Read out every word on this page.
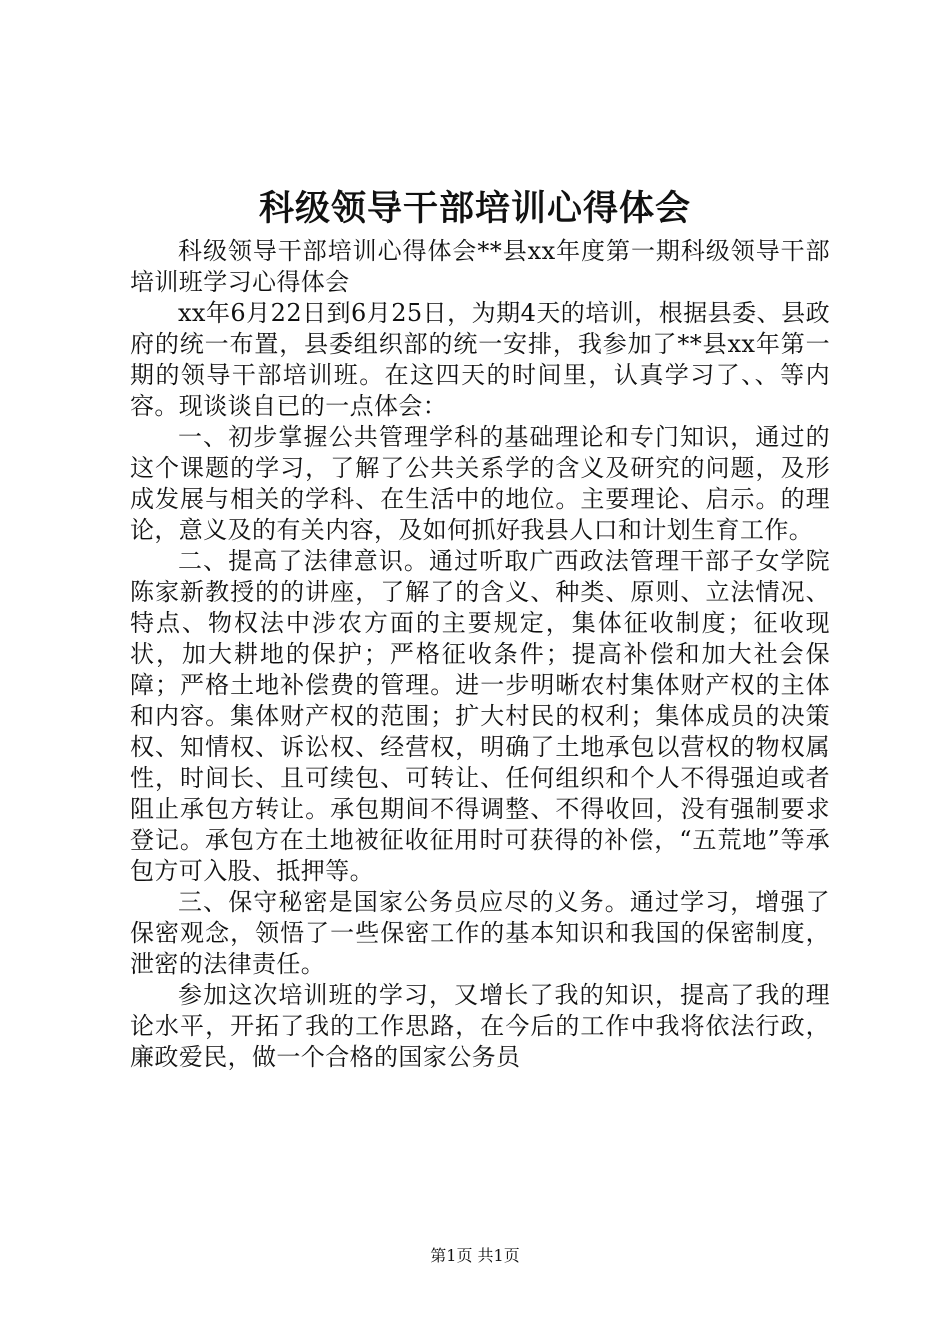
科级领导干部培训心得体会

科级领导干部培训心得体会**县xx年度第一期科级领导干部培训班学习心得体会

xx年6月22日到6月25日，为期4天的培训，根据县委、县政府的统一布置，县委组织部的统一安排，我参加了**县xx年第一期的领导干部培训班。在这四天的时间里，认真学习了、、等内容。现谈谈自已的一点体会：

一、初步掌握公共管理学科的基础理论和专门知识，通过的这个课题的学习，了解了公共关系学的含义及研究的问题，及形成发展与相关的学科、在生活中的地位。主要理论、启示。的理论，意义及的有关内容，及如何抓好我县人口和计划生育工作。

二、提高了法律意识。通过听取广西政法管理干部子女学院陈家新教授的的讲座，了解了的含义、种类、原则、立法情况、特点、物权法中涉农方面的主要规定，集体征收制度；征收现状，加大耕地的保护；严格征收条件；提高补偿和加大社会保障；严格土地补偿费的管理。进一步明晰农村集体财产权的主体和内容。集体财产权的范围；扩大村民的权利；集体成员的决策权、知情权、诉讼权、经营权，明确了土地承包以营权的物权属性，时间长、且可续包、可转让、任何组织和个人不得强迫或者阻止承包方转让。承包期间不得调整、不得收回，没有强制要求登记。承包方在土地被征收征用时可获得的补偿，“五荒地”等承包方可入股、抵押等。

三、保守秘密是国家公务员应尽的义务。通过学习，增强了保密观念，领悟了一些保密工作的基本知识和我国的保密制度，泄密的法律责任。

参加这次培训班的学习，又增长了我的知识，提高了我的理论水平，开拓了我的工作思路，在今后的工作中我将依法行政，廉政爱民，做一个合格的国家公务员

第1页 共1页
